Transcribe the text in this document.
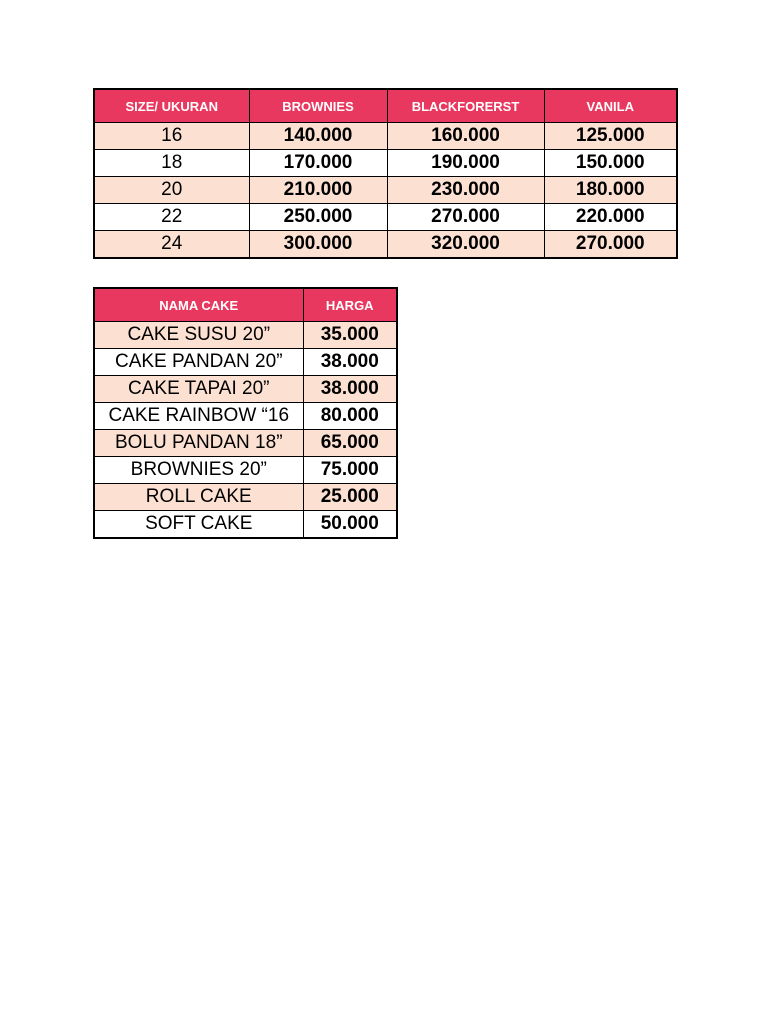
SIZE/ UKURAN	BROWNIES	BLACKFORERST	VANILA
16	140.000	160.000	125.000
18	170.000	190.000	150.000
20	210.000	230.000	180.000
22	250.000	270.000	220.000
24	300.000	320.000	270.000
NAMA CAKE	HARGA
CAKE SUSU 20”	35.000
CAKE PANDAN 20”	38.000
CAKE TAPAI 20”	38.000
CAKE RAINBOW “16	80.000
BOLU PANDAN 18”	65.000
BROWNIES 20”	75.000
ROLL CAKE	25.000
SOFT CAKE	50.000
